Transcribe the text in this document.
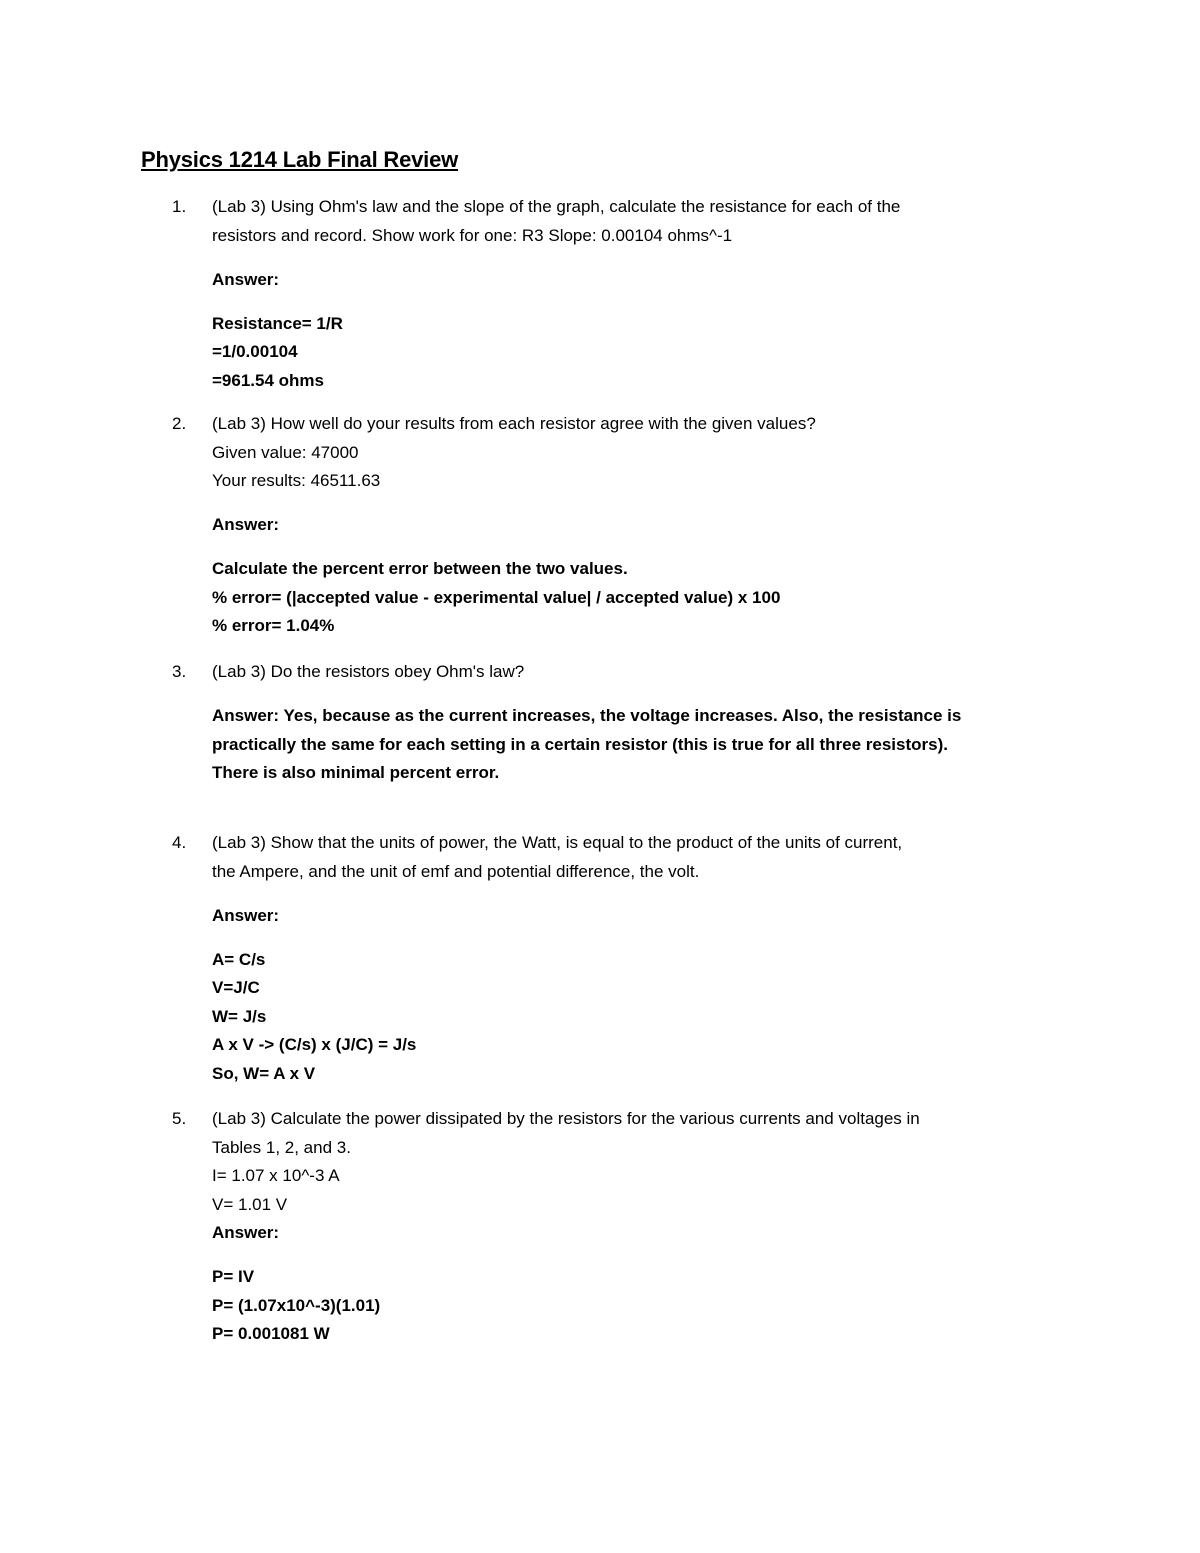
Physics 1214 Lab Final Review
1.	(Lab 3) Using Ohm's law and the slope of the graph, calculate the resistance for each of the

resistors and record. Show work for one: R3 Slope: 0.00104 ohms^-1

Answer:

Resistance= 1/R

=1/0.00104

=961.54 ohms

2.	(Lab 3) How well do your results from each resistor agree with the given values?

Given value: 47000

Your results: 46511.63

Answer:

Calculate the percent error between the two values.

% error= (|accepted value - experimental value| / accepted value) x 100

% error= 1.04%

3.	(Lab 3) Do the resistors obey Ohm's law?

Answer: Yes, because as the current increases, the voltage increases. Also, the resistance is

practically the same for each setting in a certain resistor (this is true for all three resistors).

There is also minimal percent error.

4.	(Lab 3) Show that the units of power, the Watt, is equal to the product of the units of current,

the Ampere, and the unit of emf and potential difference, the volt.

Answer:

A= C/s

V=J/C

W= J/s

A x V -> (C/s) x (J/C) = J/s

So, W= A x V

5.	(Lab 3) Calculate the power dissipated by the resistors for the various currents and voltages in

Tables 1, 2, and 3.

I= 1.07 x 10^-3 A

V= 1.01 V

Answer:

P= IV

P= (1.07x10^-3)(1.01)

P= 0.001081 W
